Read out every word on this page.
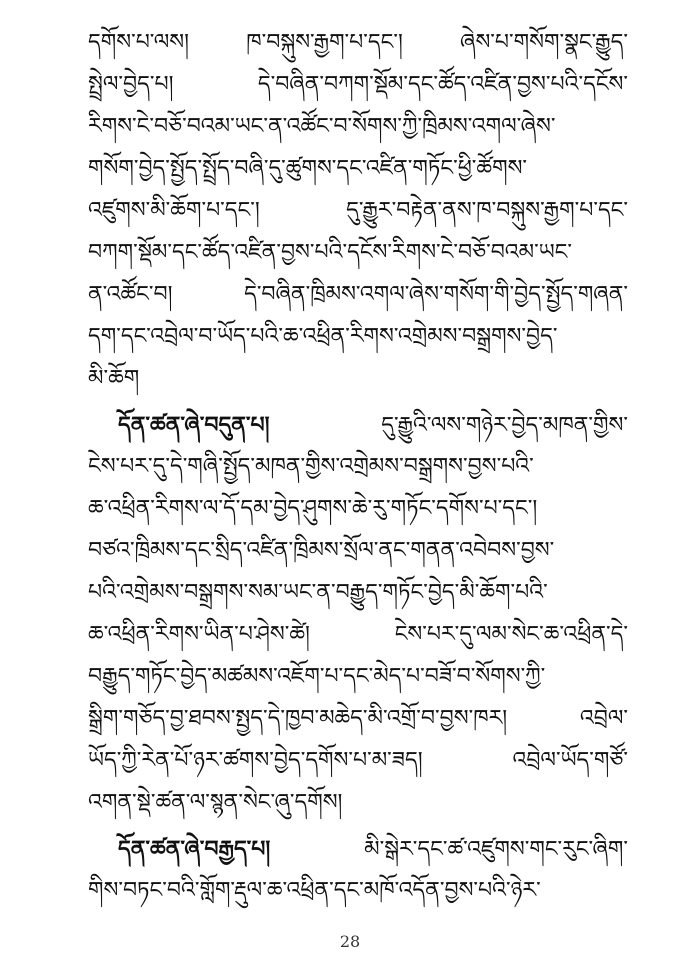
དགོས་པ་ལས། ཁ་བསྐུས་རྒྱག་པ་དང་། ཞེས་པ་གསོག་སྣང་རྒྱུད་
སྤྲེལ་བྱེད་པ། དེ་བཞིན་བཀག་སྡོམ་དང་ཚོད་འཛིན་བྱས་པའི་དངོས་
རིགས་ངེ་བཅོ་བའམ་ཡང་ན་འཚོང་བ་སོགས་ཀྱི་ཁྲིམས་འགལ་ཞེས་
གསོག་བྱེད་སྤྱོད་སྤྲོད་བཞི་དུ་ཚུགས་དང་འཛིན་གཏོང་ཕྱི་ཚོགས་
འཛུགས་མི་ཆོག་པ་དང་། དུ་རྒྱུར་བརྟེན་ནས་ཁ་བསྐུས་རྒྱག་པ་དང་
བཀག་སྡོམ་དང་ཚོད་འཛིན་བྱས་པའི་དངོས་རིགས་ངེ་བཅོ་བའམ་ཡང་
ན་འཚོང་བ། དེ་བཞིན་ཁྲིམས་འགལ་ཞེས་གསོག་གི་བྱེད་སྤྱོད་གཞན་
དག་དང་འབྲེལ་བ་ཡོད་པའི་ཆ་འཕྲིན་རིགས་འགྲེམས་བསྒྲགས་བྱེད་
མི་ཆོག
དོན་ཚན་ཞེ་བདུན་པ།	དུ་རྒྱུའི་ལས་གཉེར་བྱེད་མཁན་གྱིས་
ངེས་པར་དུ་དེ་གཞི་སྤྱོད་མཁན་གྱིས་འགྲེམས་བསྒྲགས་བྱས་པའི་
ཆ་འཕྲིན་རིགས་ལ་དོ་དམ་བྱེད་ཤུགས་ཆེ་རུ་གཏོང་དགོས་པ་དང་།
བཙའ་ཁྲིམས་དང་སྲིད་འཛིན་ཁྲིམས་སྲོལ་ནང་གནན་འབེབས་བྱས་
པའི་འགྲེམས་བསྒྲགས་སམ་ཡང་ན་བརྒྱུད་གཏོང་བྱེད་མི་ཆོག་པའི་
ཆ་འཕྲིན་རིགས་ཡིན་པ་ཤེས་ཚེ། ངེས་པར་དུ་ལམ་སེང་ཆ་འཕྲིན་དེ་
བརྒྱུད་གཏོང་བྱེད་མཚམས་འཇོག་པ་དང་མེད་པ་བཟོ་བ་སོགས་ཀྱི་
སྒྲིག་གཅོད་བྱ་ཐབས་སྤྱད་དེ་ཁྱབ་མཆེད་མི་འགྲོ་བ་བྱས་ཁར། འབྲེལ་
ཡོད་ཀྱི་རེན་པོ་ཉར་ཚགས་བྱེད་དགོས་པ་མ་ཟད། འབྲེལ་ཡོད་གཙོ་
འགན་སྡེ་ཚན་ལ་སྙན་སེང་ཞུ་དགོས།
དོན་ཚན་ཞེ་བརྒྱད་པ།	མི་སྒེར་དང་ཚ་འཛུགས་གང་རུང་ཞིག་
གིས་བཏང་བའི་གློག་རྡུལ་ཆ་འཕྲིན་དང་མཁོ་འདོན་བྱས་པའི་ཉེར་
28
